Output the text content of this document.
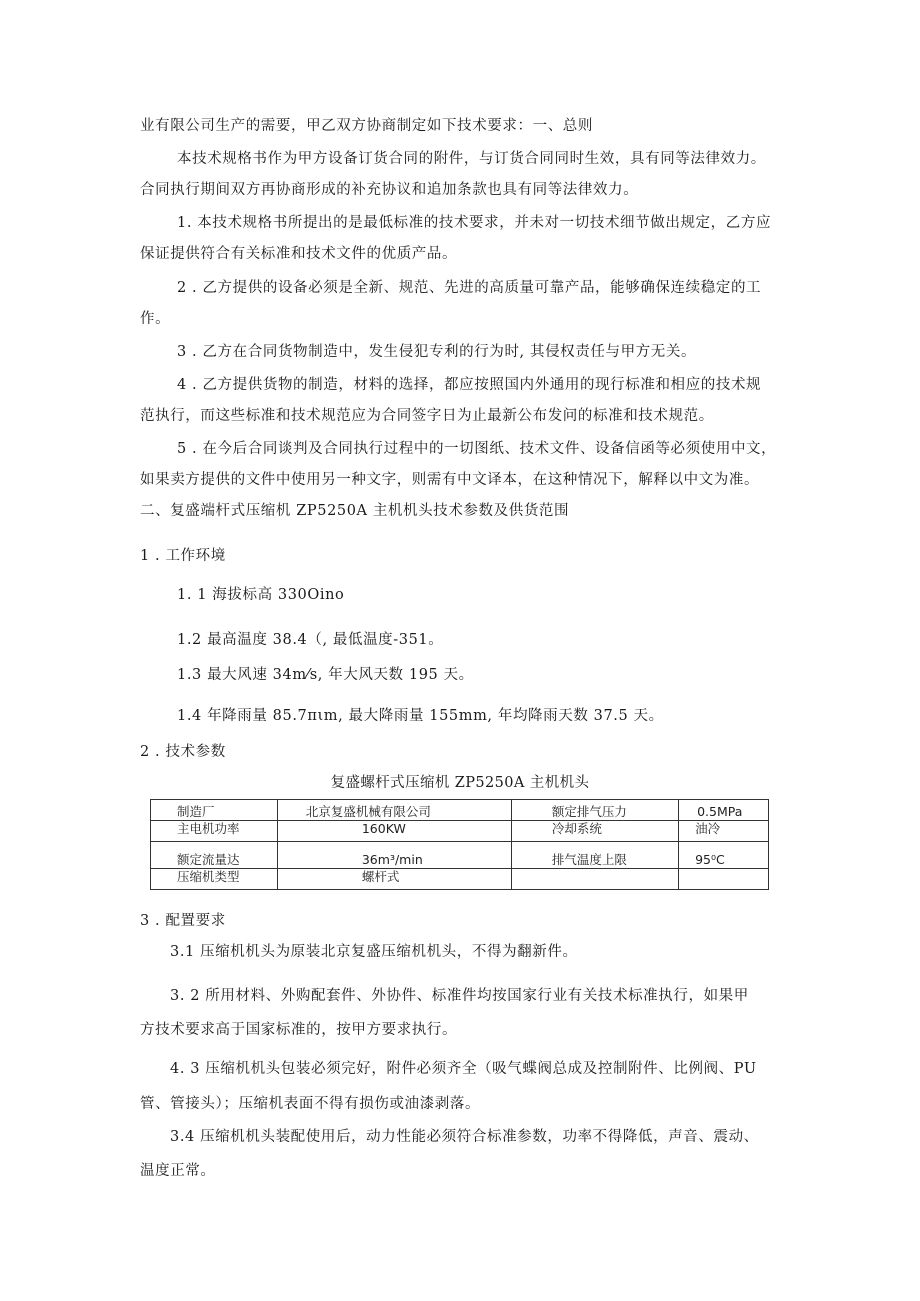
业有限公司生产的需要，甲乙双方协商制定如下技术要求：一、总则
本技术规格书作为甲方设备订货合同的附件，与订货合同同时生效，具有同等法律效力。
合同执行期间双方再协商形成的补充协议和追加条款也具有同等法律效力。
1. 本技术规格书所提出的是最低标准的技术要求，并未对一切技术细节做出规定，乙方应
保证提供符合有关标准和技术文件的优质产品。
2 . 乙方提供的设备必须是全新、规范、先进的高质量可靠产品，能够确保连续稳定的工
作。
3 . 乙方在合同货物制造中，发生侵犯专利的行为时, 其侵权责任与甲方无关。
4 . 乙方提供货物的制造，材料的选择，都应按照国内外通用的现行标准和相应的技术规
范执行，而这些标准和技术规范应为合同签字日为止最新公布发问的标准和技术规范。
5 . 在今后合同谈判及合同执行过程中的一切图纸、技术文件、设备信函等必须使用中文，
如果卖方提供的文件中使用另一种文字，则需有中文译本，在这种情况下，解释以中文为准。
二、复盛端杆式压缩机 ZP5250A 主机机头技术参数及供货范围
1 . 工作环境
1. 1 海拔标高 330Oino
1.2 最高温度 38.4（, 最低温度-351。
1.3 最大风速 34m⁄s, 年大风天数 195 天。
1.4 年降雨量 85.7πιm, 最大降雨量 155mm, 年均降雨天数 37.5 天。
2 . 技术参数
复盛螺杆式压缩机 ZP5250A 主机机头
制造厂	北京复盛机械有限公司	额定排气压力	0.5MPa
主电机功率	160KW	冷却系统	油冷
额定流量达	36m³/min	排气温度上限	95⁰C
压缩机类型	螺杆式		
3 . 配置要求
3.1 压缩机机头为原装北京复盛压缩机机头，不得为翻新件。
3. 2 所用材料、外购配套件、外协件、标准件均按国家行业有关技术标准执行，如果甲
方技术要求高于国家标准的，按甲方要求执行。
4. 3 压缩机机头包装必须完好，附件必须齐全（吸气蝶阀总成及控制附件、比例阀、PU
管、管接头）；压缩机表面不得有损伤或油漆剥落。
3.4 压缩机机头装配使用后，动力性能必须符合标准参数，功率不得降低，声音、震动、
温度正常。
